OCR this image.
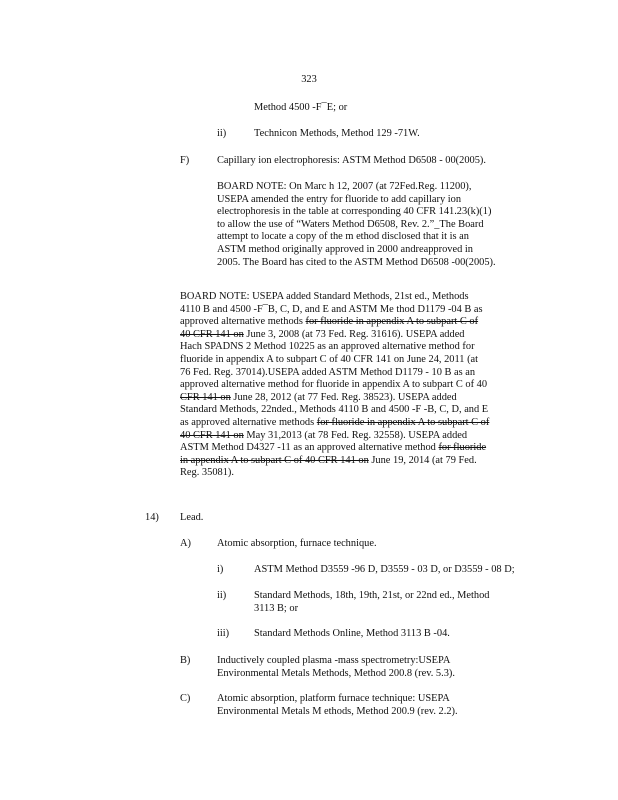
323
Method 4500 -F¯E; or
ii)	Technicon Methods, Method 129 -71W.
F)	Capillary ion electrophoresis: ASTM Method D6508 - 00(2005).
BOARD NOTE: On Marc h 12, 2007 (at 72Fed.Reg. 11200),
USEPA amended the entry for fluoride to add capillary ion
electrophoresis in the table at corresponding 40 CFR 141.23(k)(1)
to allow the use of “Waters Method D6508, Rev. 2.”_The Board
attempt to locate a copy of the m ethod disclosed that it is an
ASTM method originally approved in 2000 andreapproved in
2005. The Board has cited to the ASTM Method D6508 -00(2005).
BOARD NOTE: USEPA added Standard Methods, 21st ed., Methods
4110 B and 4500 -F¯B, C, D, and E and ASTM Me thod D1179 -04 B as
approved alternative methods for fluoride in appendix A to subpart C of
40 CFR 141 on June 3, 2008 (at 73 Fed. Reg. 31616). USEPA added
Hach SPADNS 2 Method 10225 as an approved alternative method for
fluoride in appendix A to subpart C of 40 CFR 141 on June 24, 2011 (at
76 Fed. Reg. 37014).USEPA added ASTM Method D1179 - 10 B as an
approved alternative method for fluoride in appendix A to subpart C of 40
CFR 141 on June 28, 2012 (at 77 Fed. Reg. 38523). USEPA added
Standard Methods, 22nded., Methods 4110 B and 4500 -F -B, C, D, and E
as approved alternative methods for fluoride in appendix A to subpart C of
40 CFR 141 on May 31,2013 (at 78 Fed. Reg. 32558). USEPA added
ASTM Method D4327 -11 as an approved alternative method for fluoride
in appendix A to subpart C of 40 CFR 141 on June 19, 2014 (at 79 Fed.
Reg. 35081).
14) Lead.
A)	Atomic absorption, furnace technique.
i)	ASTM Method D3559 -96 D, D3559 - 03 D, or D3559 - 08 D;
ii)	Standard Methods, 18th, 19th, 21st, or 22nd ed., Method
3113 B; or
iii) Standard Methods Online, Method 3113 B -04.
B)	Inductively coupled plasma -mass spectrometry:USEPA
Environmental Metals Methods, Method 200.8 (rev. 5.3).
C)	Atomic absorption, platform furnace technique: USEPA
Environmental Metals M ethods, Method 200.9 (rev. 2.2).
